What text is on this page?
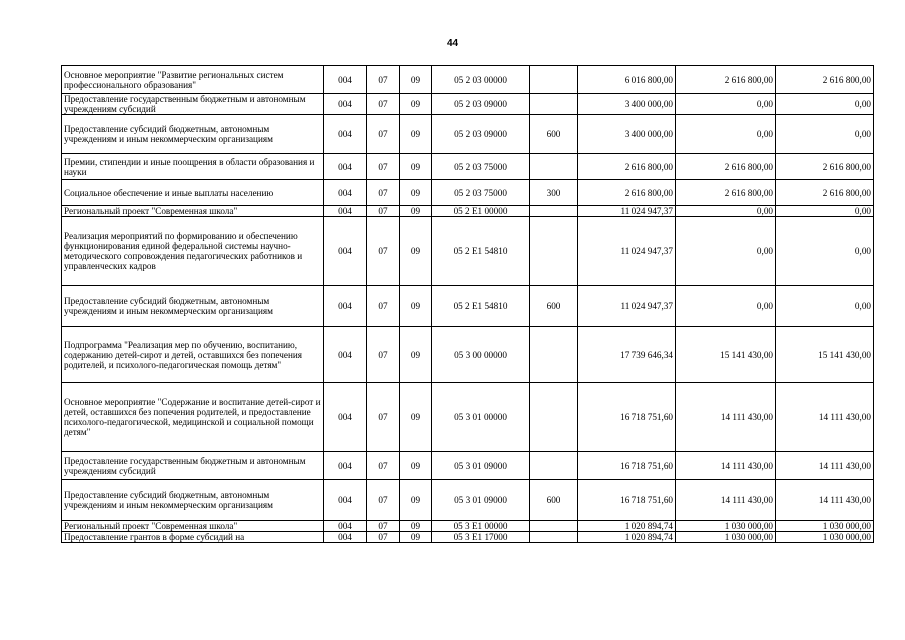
44
Основное мероприятие "Развитие региональных систем профессионального образования"	004	07	09	05 2 03 00000		6 016 800,00	2 616 800,00	2 616 800,00
Предоставление государственным бюджетным и автономным учреждениям субсидий	004	07	09	05 2 03 09000		3 400 000,00	0,00	0,00
Предоставление субсидий бюджетным, автономным учреждениям и иным некоммерческим организациям	004	07	09	05 2 03 09000	600	3 400 000,00	0,00	0,00
Премии, стипендии и иные поощрения в области образования и науки	004	07	09	05 2 03 75000		2 616 800,00	2 616 800,00	2 616 800,00
Социальное обеспечение и иные выплаты населению	004	07	09	05 2 03 75000	300	2 616 800,00	2 616 800,00	2 616 800,00
Региональный проект "Современная школа"	004	07	09	05 2 E1 00000		11 024 947,37	0,00	0,00
Реализация мероприятий по формированию и обеспечению функционирования единой федеральной системы научно-методического сопровождения педагогических работников и управленческих кадров	004	07	09	05 2 E1 54810		11 024 947,37	0,00	0,00
Предоставление субсидий бюджетным, автономным учреждениям и иным некоммерческим организациям	004	07	09	05 2 E1 54810	600	11 024 947,37	0,00	0,00
Подпрограмма "Реализация мер по обучению, воспитанию, содержанию детей-сирот и детей, оставшихся без попечения родителей, и психолого-педагогическая помощь детям"	004	07	09	05 3 00 00000		17 739 646,34	15 141 430,00	15 141 430,00
Основное мероприятие "Содержание и воспитание детей-сирот и детей, оставшихся без попечения родителей, и предоставление психолого-педагогической, медицинской и социальной помощи детям"	004	07	09	05 3 01 00000		16 718 751,60	14 111 430,00	14 111 430,00
Предоставление государственным бюджетным и автономным учреждениям субсидий	004	07	09	05 3 01 09000		16 718 751,60	14 111 430,00	14 111 430,00
Предоставление субсидий бюджетным, автономным учреждениям и иным некоммерческим организациям	004	07	09	05 3 01 09000	600	16 718 751,60	14 111 430,00	14 111 430,00
Региональный проект "Современная школа"	004	07	09	05 3 E1 00000		1 020 894,74	1 030 000,00	1 030 000,00
Предоставление грантов в форме субсидий на	004	07	09	05 3 E1 17000		1 020 894,74	1 030 000,00	1 030 000,00
